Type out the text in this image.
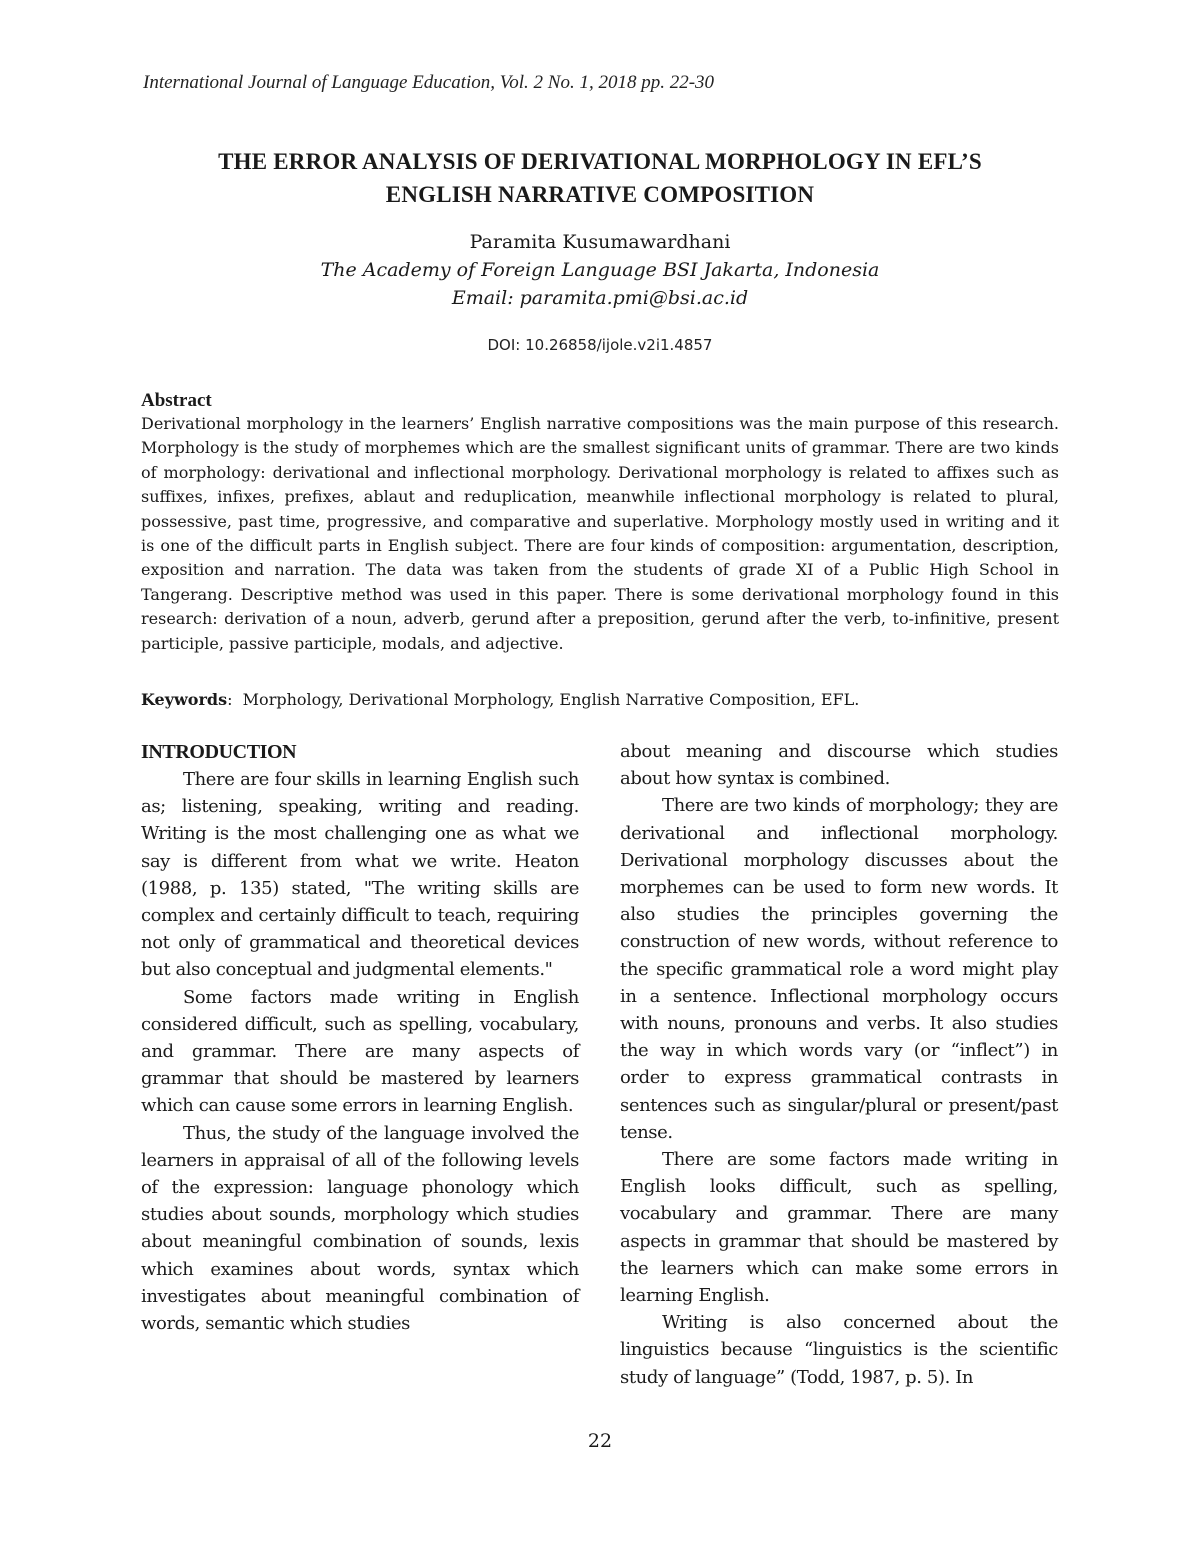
International Journal of Language Education, Vol. 2 No. 1, 2018 pp. 22-30
THE ERROR ANALYSIS OF DERIVATIONAL MORPHOLOGY IN EFL’S
ENGLISH NARRATIVE COMPOSITION
Paramita Kusumawardhani
The Academy of Foreign Language BSI Jakarta, Indonesia
Email: paramita.pmi@bsi.ac.id
DOI: 10.26858/ijole.v2i1.4857
Abstract

Derivational morphology in the learners’ English narrative compositions was the main purpose of this research. Morphology is the study of morphemes which are the smallest significant units of grammar. There are two kinds of morphology: derivational and inflectional morphology. Derivational morphology is related to affixes such as suffixes, infixes, prefixes, ablaut and reduplication, meanwhile inflectional morphology is related to plural, possessive, past time, progressive, and comparative and superlative. Morphology mostly used in writing and it is one of the difficult parts in English subject. There are four kinds of composition: argumentation, description, exposition and narration. The data was taken from the students of grade XI of a Public High School in Tangerang. Descriptive method was used in this paper. There is some derivational morphology found in this research: derivation of a noun, adverb, gerund after a preposition, gerund after the verb, to-infinitive, present participle, passive participle, modals, and adjective.

Keywords: Morphology, Derivational Morphology, English Narrative Composition, EFL.
INTRODUCTION

There are four skills in learning English such as; listening, speaking, writing and reading. Writing is the most challenging one as what we say is different from what we write. Heaton (1988, p. 135) stated, "The writing skills are complex and certainly difficult to teach, requiring not only of grammatical and theoretical devices but also conceptual and judgmental elements."

Some factors made writing in English considered difficult, such as spelling, vocabulary, and grammar. There are many aspects of grammar that should be mastered by learners which can cause some errors in learning English.

Thus, the study of the language involved the learners in appraisal of all of the following levels of the expression: language phonology which studies about sounds, morphology which studies about meaningful combination of sounds, lexis which examines about words, syntax which investigates about meaningful combination of words, semantic which studies

about meaning and discourse which studies about how syntax is combined.

There are two kinds of morphology; they are derivational and inflectional morphology. Derivational morphology discusses about the morphemes can be used to form new words. It also studies the principles governing the construction of new words, without reference to the specific grammatical role a word might play in a sentence. Inflectional morphology occurs with nouns, pronouns and verbs. It also studies the way in which words vary (or “inflect”) in order to express grammatical contrasts in sentences such as singular/plural or present/past tense.

There are some factors made writing in English looks difficult, such as spelling, vocabulary and grammar. There are many aspects in grammar that should be mastered by the learners which can make some errors in learning English.

Writing is also concerned about the linguistics because “linguistics is the scientific study of language” (Todd, 1987, p. 5). In

22
